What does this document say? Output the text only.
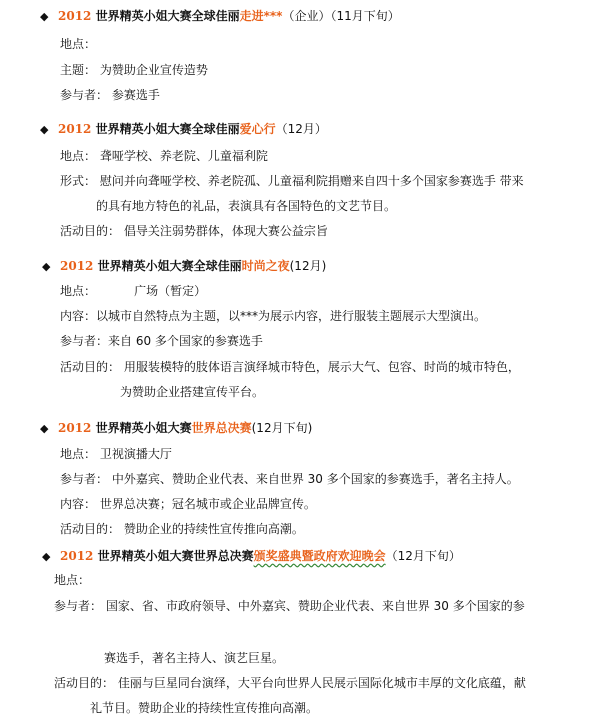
◆ 2012 世界精英小姐大赛全球佳丽走进***（企业）（11月下旬）
地点：
主题： 为赞助企业宣传造势
参与者： 参赛选手
◆ 2012 世界精英小姐大赛全球佳丽爱心行（12月）
地点： 聋哑学校、养老院、儿童福利院
形式： 慰问并向聋哑学校、养老院孤、儿童福利院捐赠来自四十多个国家参赛选手 带来
的具有地方特色的礼品，表演具有各国特色的文艺节目。
活动目的： 倡导关注弱势群体，体现大赛公益宗旨
◆ 2012 世界精英小姐大赛全球佳丽时尚之夜(12月)
地点：          广场（暂定）
内容：以城市自然特点为主题，以***为展示内容，进行服装主题展示大型演出。
参与者：来自 60 多个国家的参赛选手
活动目的： 用服装模特的肢体语言演绎城市特色，展示大气、包容、时尚的城市特色，
为赞助企业搭建宣传平台。
◆ 2012 世界精英小姐大赛世界总决赛(12月下旬)
地点： 卫视演播大厅
参与者： 中外嘉宾、赞助企业代表、来自世界 30 多个国家的参赛选手，著名主持人。
内容： 世界总决赛；冠名城市或企业品牌宣传。
活动目的： 赞助企业的持续性宣传推向高潮。
◆ 2012 世界精英小姐大赛世界总决赛颁奖盛典暨政府欢迎晚会（12月下旬）
地点：
参与者： 国家、省、市政府领导、中外嘉宾、赞助企业代表、来自世界 30 多个国家的参
赛选手，著名主持人、演艺巨星。
活动目的： 佳丽与巨星同台演绎，大平台向世界人民展示国际化城市丰厚的文化底蕴，献
礼节目。赞助企业的持续性宣传推向高潮。
